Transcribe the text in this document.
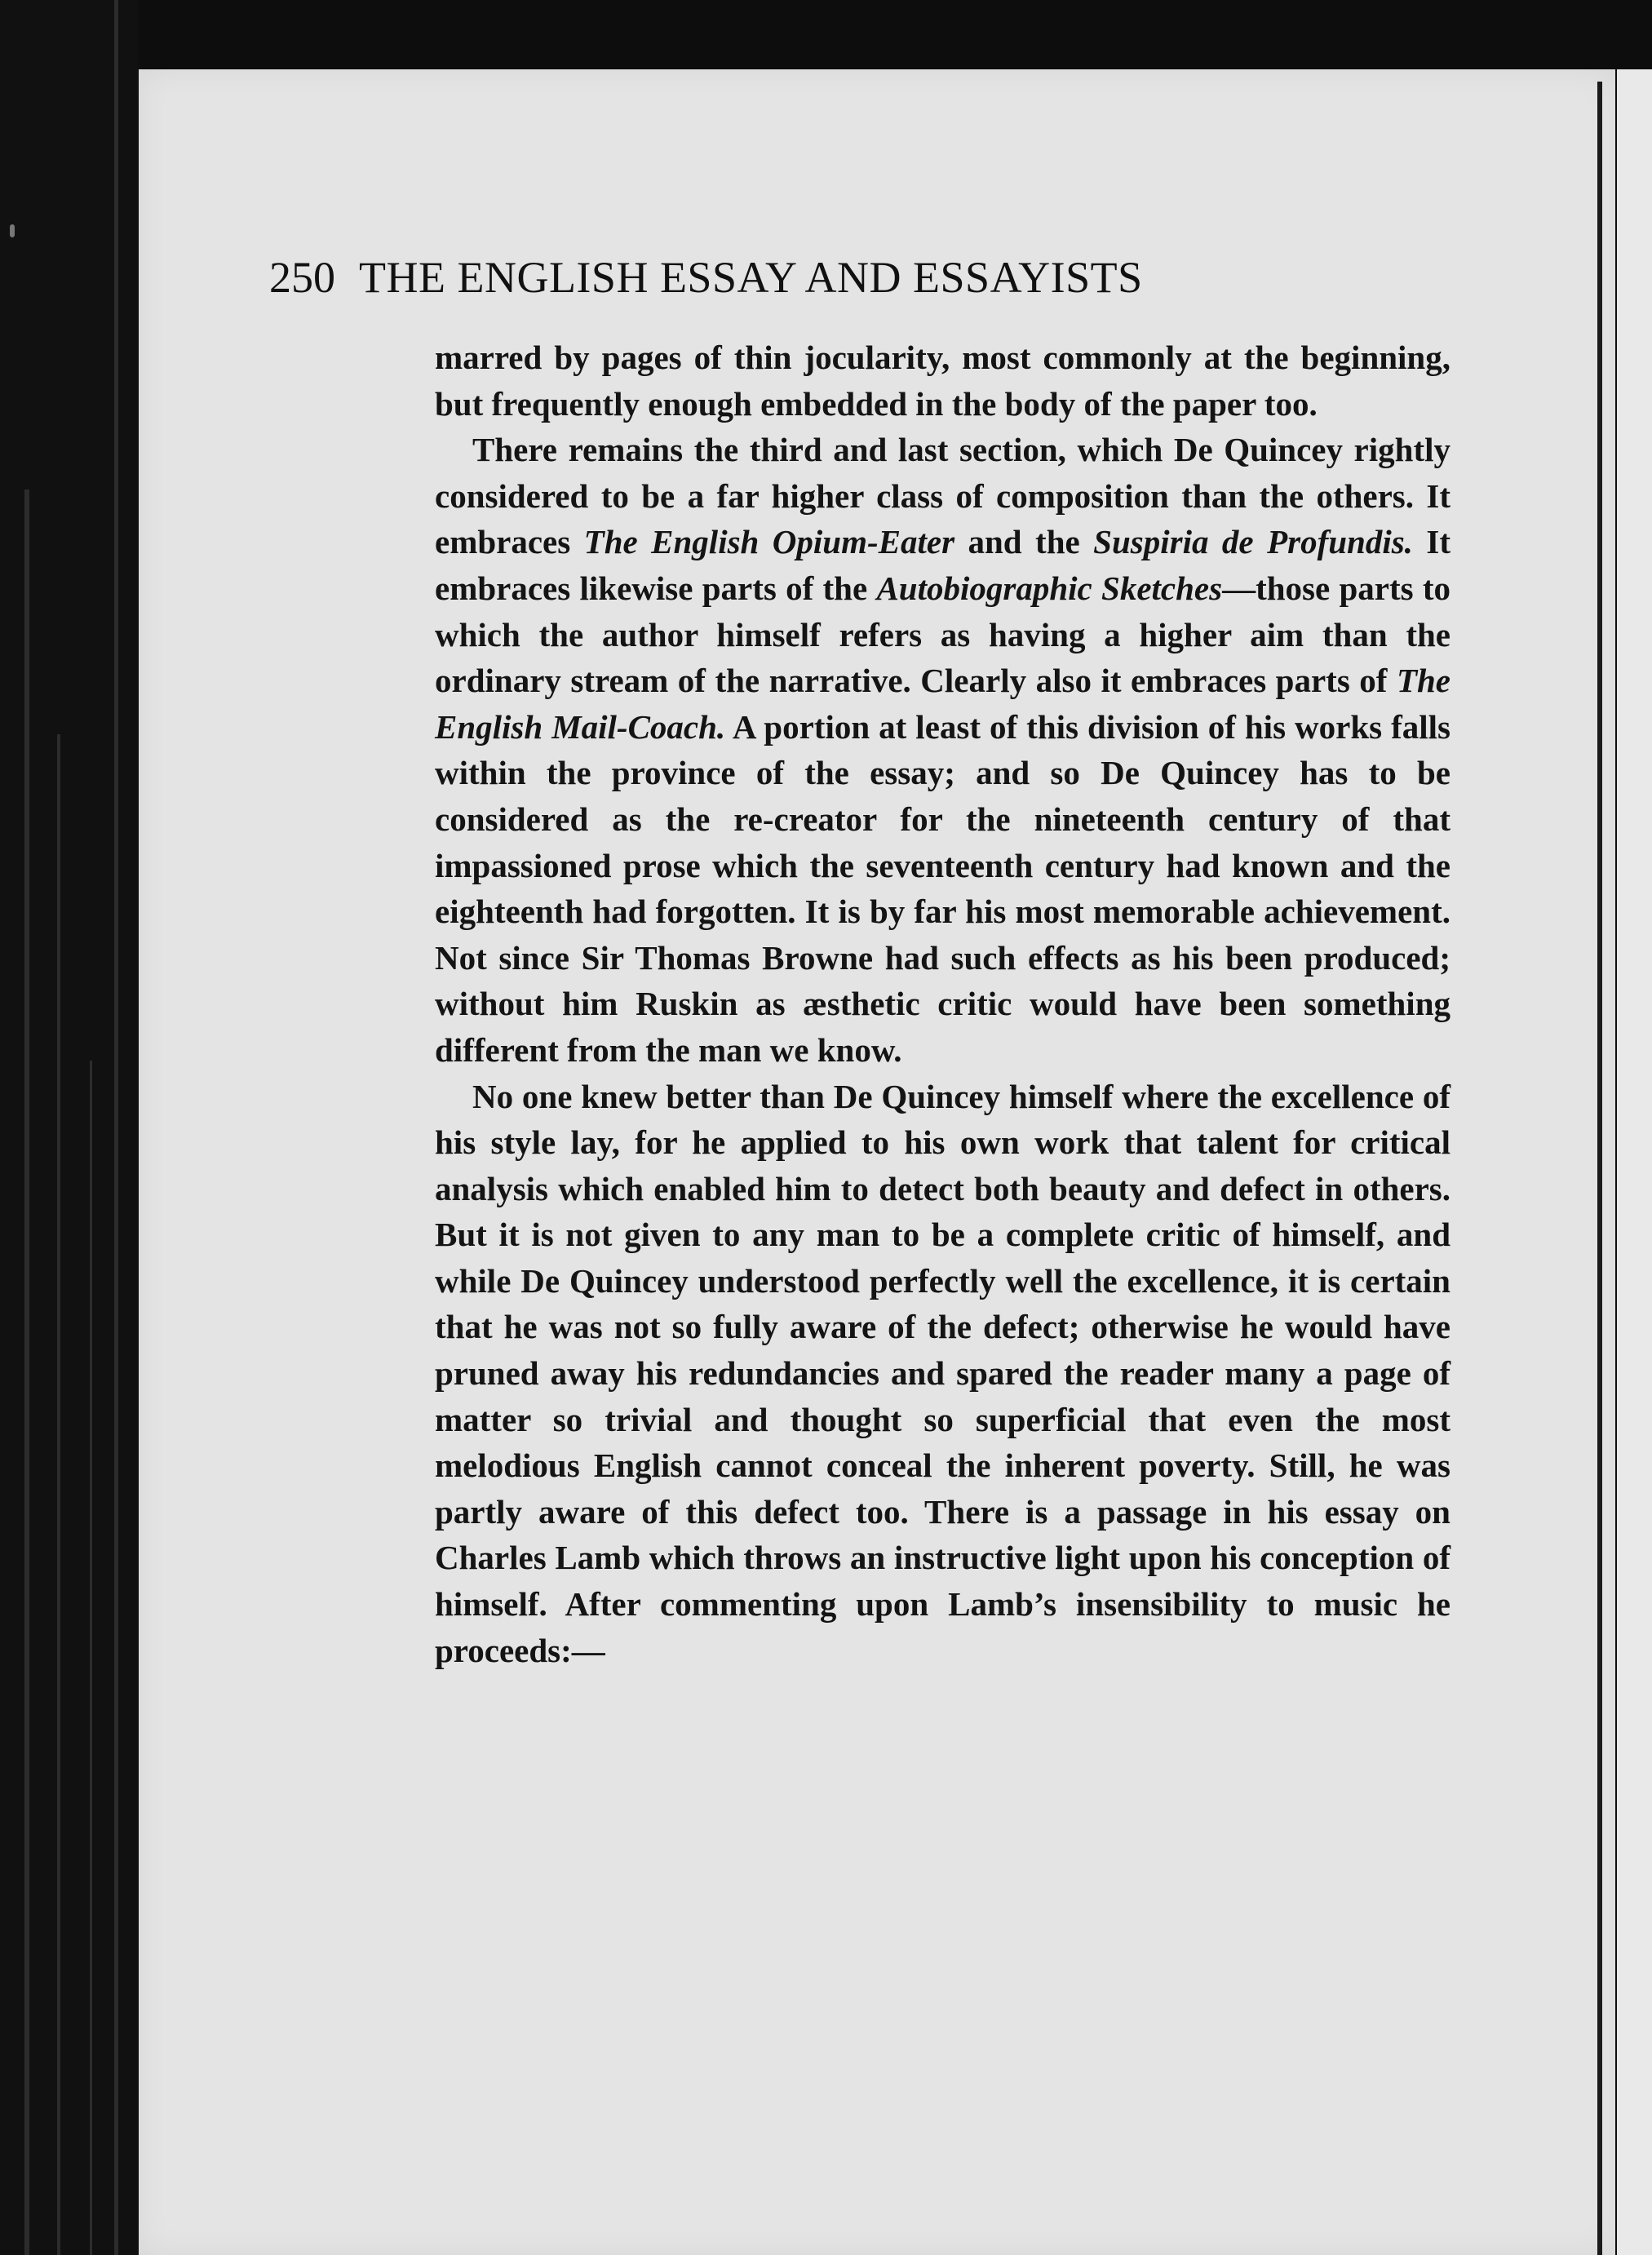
250 THE ENGLISH ESSAY AND ESSAYISTS

marred by pages of thin jocularity, most commonly at the beginning, but frequently enough embedded in the body of the paper too.

There remains the third and last section, which De Quincey rightly considered to be a far higher class of composition than the others. It embraces The English Opium-Eater and the Suspiria de Profundis. It embraces likewise parts of the Autobiographic Sketches—those parts to which the author himself refers as having a higher aim than the ordinary stream of the narrative. Clearly also it embraces parts of The English Mail-Coach. A portion at least of this division of his works falls within the province of the essay; and so De Quincey has to be considered as the re-creator for the nineteenth century of that impassioned prose which the seventeenth century had known and the eighteenth had forgotten. It is by far his most memorable achievement. Not since Sir Thomas Browne had such effects as his been produced; without him Ruskin as æsthetic critic would have been something different from the man we know.

No one knew better than De Quincey himself where the excellence of his style lay, for he applied to his own work that talent for critical analysis which enabled him to detect both beauty and defect in others. But it is not given to any man to be a complete critic of himself, and while De Quincey understood perfectly well the excellence, it is certain that he was not so fully aware of the defect; otherwise he would have pruned away his redundancies and spared the reader many a page of matter so trivial and thought so superficial that even the most melodious English cannot conceal the inherent poverty. Still, he was partly aware of this defect too. There is a passage in his essay on Charles Lamb which throws an instructive light upon his conception of himself. After commenting upon Lamb’s insensibility to music he proceeds:—
